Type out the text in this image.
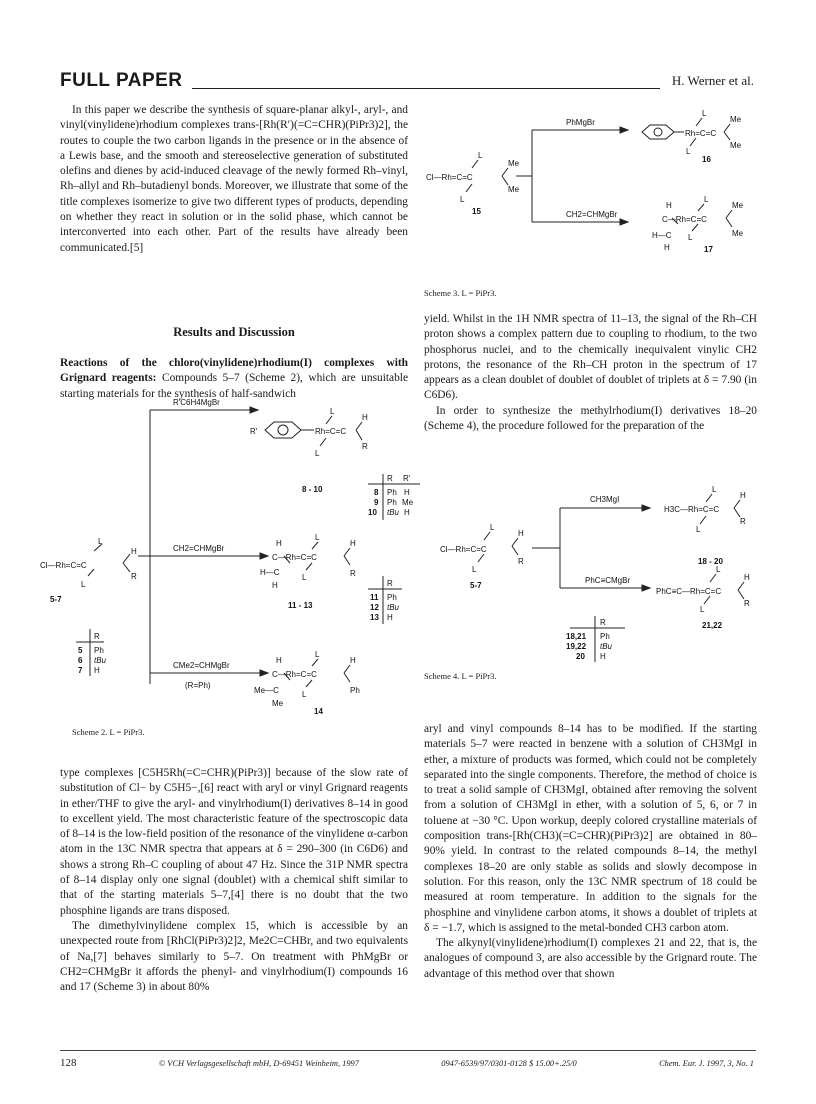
FULL PAPER	H. Werner et al.

In this paper we describe the synthesis of square-planar alkyl-, aryl-, and vinyl(vinylidene)rhodium complexes trans-[Rh(R′)(=C=CHR)(PiPr3)2], the routes to couple the two carbon ligands in the presence or in the absence of a Lewis base, and the smooth and stereoselective generation of substituted olefins and dienes by acid-induced cleavage of the newly formed Rh–vinyl, Rh–allyl and Rh–butadienyl bonds. Moreover, we illustrate that some of the title complexes isomerize to give two different types of products, depending on whether they react in solution or in the solid phase, which cannot be interconverted into each other. Part of the results have already been communicated.[5]

Results and Discussion

Reactions of the chloro(vinylidene)rhodium(I) complexes with Grignard reagents: Compounds 5–7 (Scheme 2), which are unsuitable starting materials for the synthesis of half-sandwich

R′C6H4MgBr
CH2=CHMgBr
CMe2=CHMgBr
(R=Ph)
Cl—Rh=C=C
L
L
H
R
5-7
R′	Rh=C=C
L
L
H
R
8 - 10
C—Rh=C=C
H
L
L
H
R
H—C
H
11 - 13
C—Rh=C=C
H
L
L
H
Ph
Me—C
Me
14
R
5 Ph
6 tBu
7 H
R R′
8 Ph H
9 Ph Me
10 tBu H
R
11 Ph
12 tBu
13 H
Scheme 2. L = PiPr3.

type complexes [C5H5Rh(=C=CHR)(PiPr3)] because of the slow rate of substitution of Cl− by C5H5−,[6] react with aryl or vinyl Grignard reagents in ether/THF to give the aryl- and vinylrhodium(I) derivatives 8–14 in good to excellent yield. The most characteristic feature of the spectroscopic data of 8–14 is the low-field position of the resonance of the vinylidene α-carbon atom in the 13C NMR spectra that appears at δ = 290–300 (in C6D6) and shows a strong Rh–C coupling of about 47 Hz. Since the 31P NMR spectra of 8–14 display only one signal (doublet) with a chemical shift similar to that of the starting materials 5–7,[4] there is no doubt that the two phosphine ligands are trans disposed.

The dimethylvinylidene complex 15, which is accessible by an unexpected route from [RhCl(PiPr3)2]2, Me2C=CHBr, and two equivalents of Na,[7] behaves similarly to 5–7. On treatment with PhMgBr or CH2=CHMgBr it affords the phenyl- and vinylrhodium(I) compounds 16 and 17 (Scheme 3) in about 80%

PhMgBr
CH2=CHMgBr
Cl—Rh=C=C
L
L
Me
Me
15
Rh=C=C
L
L
Me
Me
16
C—Rh=C=C
H
L
L
Me
Me
H—C
H	17
Scheme 3. L = PiPr3.

yield. Whilst in the 1H NMR spectra of 11–13, the signal of the Rh–CH proton shows a complex pattern due to coupling to rhodium, to the two phosphorus nuclei, and to the chemically inequivalent vinylic CH2 protons, the resonance of the Rh–CH proton in the spectrum of 17 appears as a clean doublet of doublet of doublet of triplets at δ = 7.90 (in C6D6).

In order to synthesize the methylrhodium(I) derivatives 18–20 (Scheme 4), the procedure followed for the preparation of the

CH3MgI
PhC≡CMgBr
Cl—Rh=C=C
L
L
H
R
5-7
H3C—Rh=C=C
L
L
H
R
18 - 20
PhC≡C—Rh=C=C
L
L
H
R
21,22
R
18,21 Ph
19,22 tBu
20 H
Scheme 4. L = PiPr3.

aryl and vinyl compounds 8–14 has to be modified. If the starting materials 5–7 were reacted in benzene with a solution of CH3MgI in ether, a mixture of products was formed, which could not be completely separated into the single components. Therefore, the method of choice is to treat a solid sample of CH3MgI, obtained after removing the solvent from a solution of CH3MgI in ether, with a solution of 5, 6, or 7 in toluene at −30 °C. Upon workup, deeply colored crystalline materials of composition trans-[Rh(CH3)(=C=CHR)(PiPr3)2] are obtained in 80–90% yield. In contrast to the related compounds 8–14, the methyl complexes 18–20 are only stable as solids and slowly decompose in solution. For this reason, only the 13C NMR spectrum of 18 could be measured at room temperature. In addition to the signals for the phosphine and vinylidene carbon atoms, it shows a doublet of triplets at δ = −1.7, which is assigned to the metal-bonded CH3 carbon atom.

The alkynyl(vinylidene)rhodium(I) complexes 21 and 22, that is, the analogues of compound 3, are also accessible by the Grignard route. The advantage of this method over that shown

128	© VCH Verlagsgesellschaft mbH, D-69451 Weinheim, 1997	0947-6539/97/0301-0128 $ 15.00+.25/0	Chem. Eur. J. 1997, 3, No. 1
